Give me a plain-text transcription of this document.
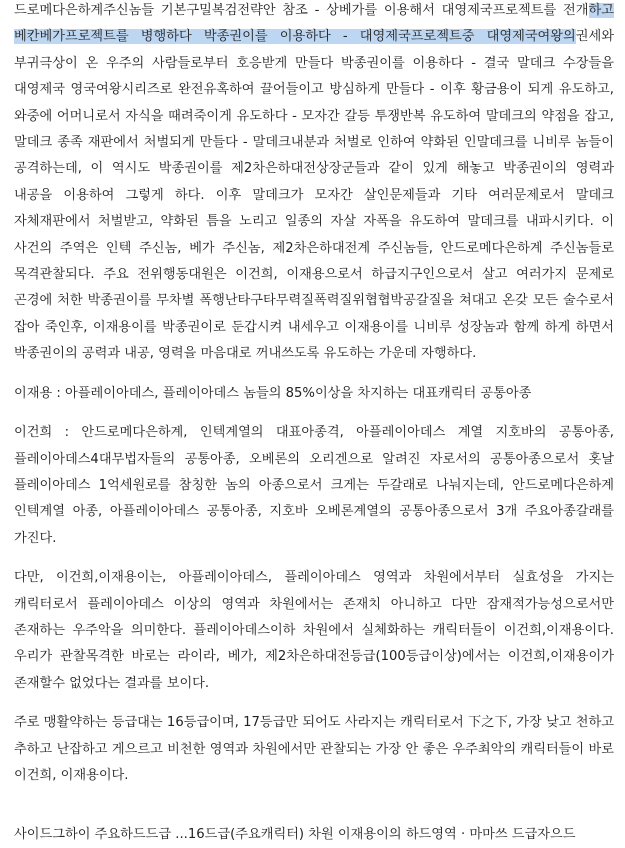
드로메다은하계주신놈들 기본구밀복검전략안 참조 - 상베가를 이용해서 대영제국프로젝트를 전개하고 베칸베가프로젝트를 병행하다 박종권이를 이용하다 - 대영제국프로젝트중 대영제국여왕의권세와 부귀극상이 온 우주의 사람들로부터 호응받게 만들다 박종권이를 이용하다 - 결국 말데크 수장들을 대영제국 영국여왕시리즈로 완전유혹하여 끌어들이고 방심하게 만들다 - 이후 황금용이 되게 유도하고, 와중에 어머니로서 자식을 때려죽이게 유도하다 - 모자간 갈등 투쟁반복 유도하여 말데크의 약점을 잡고, 말데크 종족 재판에서 처벌되게 만들다 - 말데크내분과 처벌로 인하여 약화된 인말데크를 니비루 놈들이 공격하는데, 이 역시도 박종권이를 제2차은하대전상장군들과 같이 있게 해놓고 박종권이의 영력과 내공을 이용하여 그렇게 하다. 이후 말데크가 모자간 살인문제들과 기타 여러문제로서 말데크 자체재판에서 처벌받고, 약화된 틈을 노리고 일종의 자살 자폭을 유도하여 말데크를 내파시키다. 이 사건의 주역은 인텍 주신놈, 베가 주신놈, 제2차은하대전계 주신놈들, 안드로메다은하계 주신놈들로 목격관찰되다. 주요 전위행동대원은 이건희, 이재용으로서 하급지구인으로서 살고 여러가지 문제로 곤경에 처한 박종권이를 무차별 폭행난타구타무력질폭력질위협협박공갈질을 쳐대고 온갖 모든 술수로서 잡아 죽인후, 이재용이를 박종권이로 둔갑시켜 내세우고 이재용이를 니비루 성장놈과 함께 하게 하면서 박종권이의 공력과 내공, 영력을 마음대로 꺼내쓰도록 유도하는 가운데 자행하다.

이재용 : 아플레이아데스, 플레이아데스 놈들의 85%이상을 차지하는 대표캐릭터 공통아종

이건희 : 안드로메다은하계, 인텍계열의 대표아종격, 아플레이아데스 계열 지호바의 공통아종, 플레이아데스4대무법자들의 공통아종, 오베론의 오리겐으로 알려진 자로서의 공통아종으로서 홋날 플레이아데스 1억세원로를 참칭한 놈의 아종으로서 크게는 두갈래로 나눠지는데, 안드로메다은하계 인텍계열 아종, 아플레이아데스 공통아종, 지호바 오베론계열의 공통아종으로서 3개 주요아종갈래를 가진다.

다만, 이건희,이재용이는, 아플레이아데스, 플레이아데스 영역과 차원에서부터 실효성을 가지는 캐릭터로서 플레이아데스 이상의 영역과 차원에서는 존재치 아니하고 다만 잠재적가능성으로서만 존재하는 우주악을 의미한다. 플레이아데스이하 차원에서 실체화하는 캐릭터들이 이건희,이재용이다. 우리가 관찰목격한 바로는 라이라, 베가, 제2차은하대전등급(100등급이상)에서는 이건희,이재용이가 존재할수 없었다는 결과를 보이다.

주로 맹활약하는 등급대는 16등급이며, 17등급만 되어도 사라지는 캐릭터로서 下之下, 가장 낮고 천하고 추하고 난잡하고 게으르고 비천한 영역과 차원에서만 관찰되는 가장 안 좋은 우주최악의 캐릭터들이 바로 이건희, 이재용이다.

사이드그하이 주요하드드급 ...16드급(주요캐릭터) 차원 이재용이의 하드영역 · 마마쓰 드급자으드
